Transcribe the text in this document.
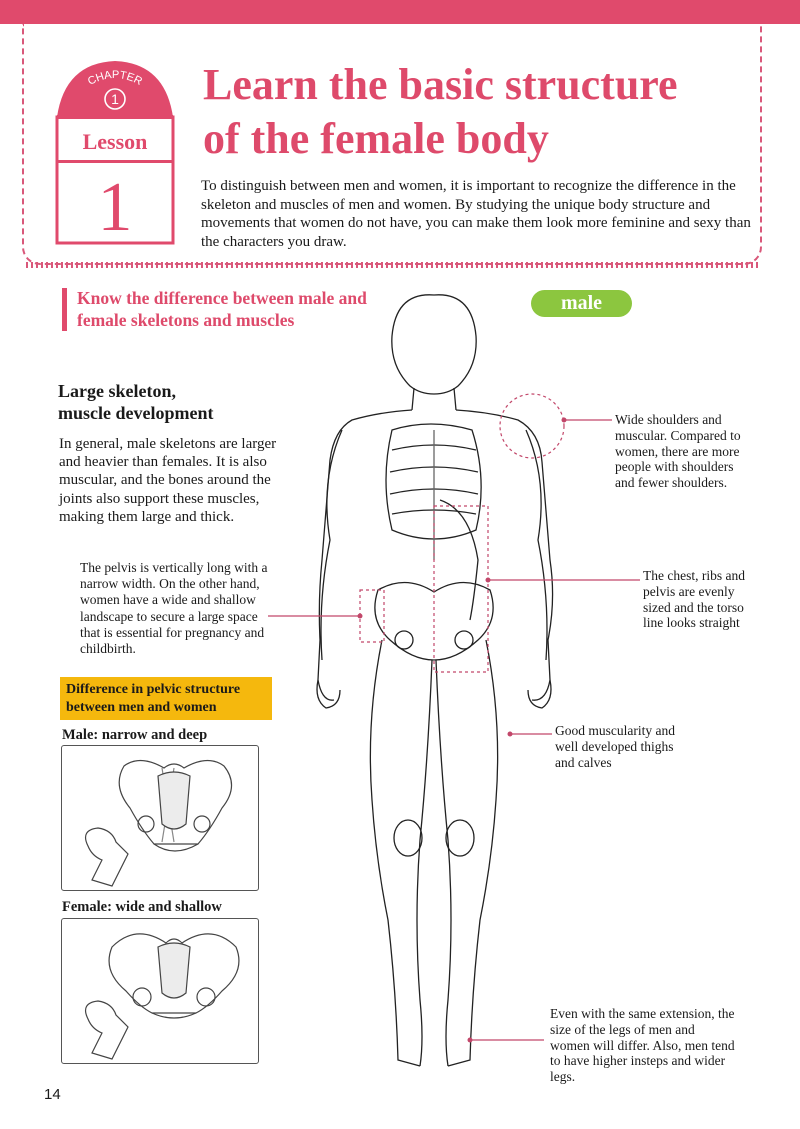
CHAPTER
1
Lesson
1
Learn the basic structure
of the female body

To distinguish between men and women, it is important to recognize the difference in the skeleton and muscles of men and women. By studying the unique body structure and movements that women do not have, you can make them look more feminine and sexy than the characters you draw.

Know the difference between male and female skeletons and muscles
Large skeleton,
muscle development

In general, male skeletons are larger and heavier than females. It is also muscular, and the bones around the joints also support these muscles, making them large and thick.

The pelvis is vertically long with a narrow width. On the other hand, women have a wide and shallow landscape to secure a large space that is essential for pregnancy and childbirth.

Difference in pelvic structure between men and women

Male: narrow and deep

Female: wide and shallow

male

Wide shoulders and muscular. Compared to women, there are more people with shoulders and fewer shoulders.

The chest, ribs and pelvis are evenly sized and the torso line looks straight

Good muscularity and well developed thighs and calves

Even with the same extension, the size of the legs of men and women will differ. Also, men tend to have higher insteps and wider legs.

14
